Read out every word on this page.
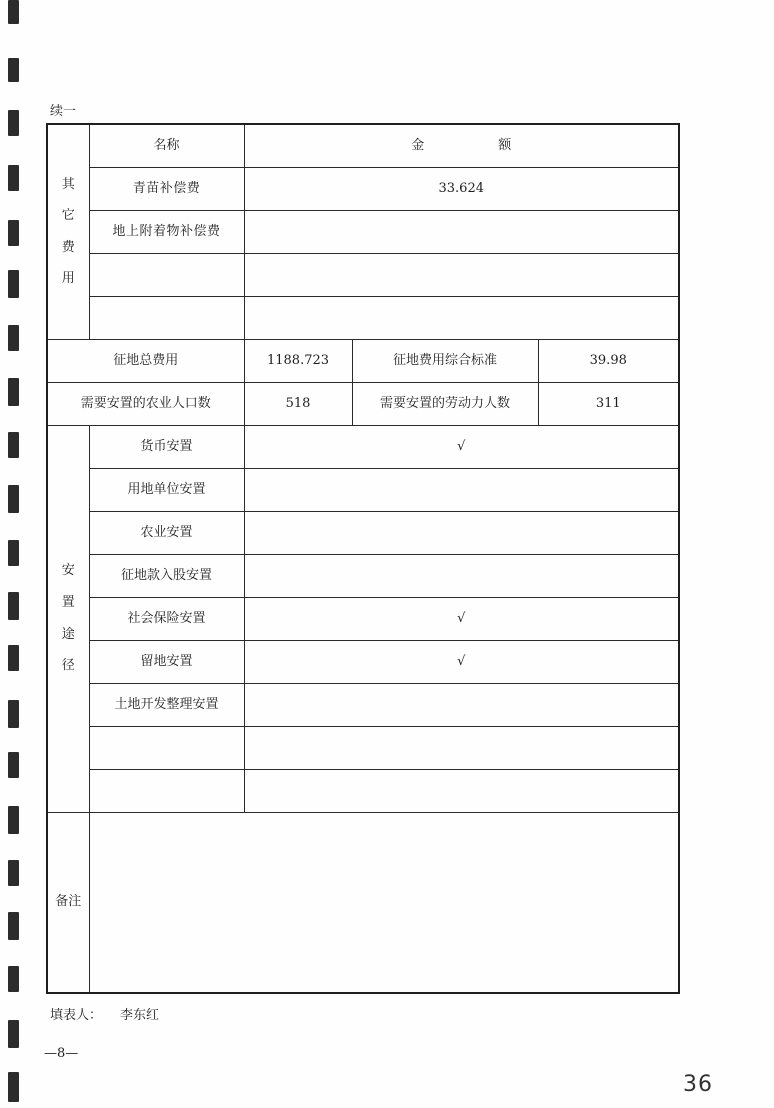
续一
其
它
费
用	名称	金 额		
	青苗补偿费	33.624		
	地上附着物补偿费			

征地总费用		1188.723	征地费用综合标准	39.98
需要安置的农业人口数		518	需要安置的劳动力人数	311

安
置
途
径	货币安置	√		
	用地单位安置			
	农业安置			
	征地款入股安置			
	社会保险安置	√		
	留地安置	√		
	土地开发整理安置			

备注				
填表人： 李东红
—8—
36
